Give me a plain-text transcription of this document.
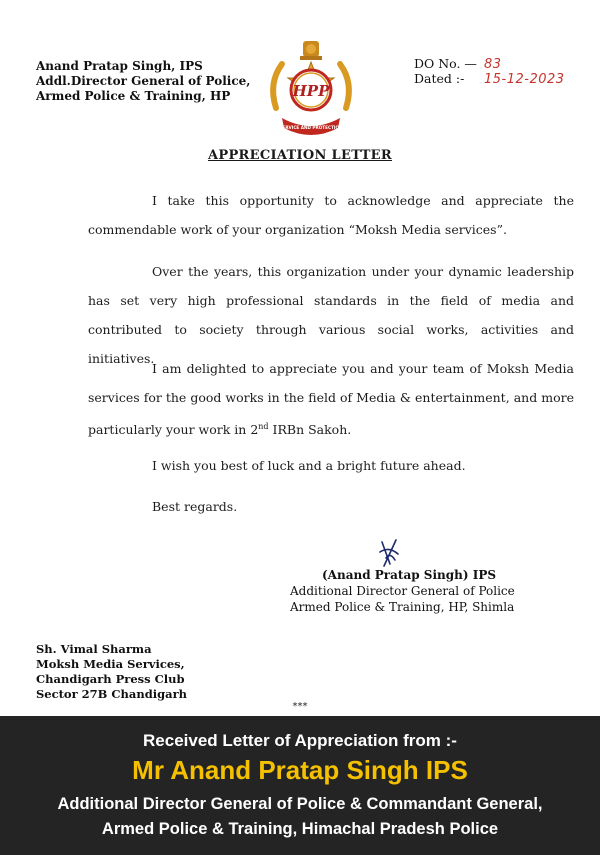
Anand Pratap Singh, IPS
Addl.Director General of Police,
Armed Police & Training, HP	HPP
SERVICE AND PROTECTION
DO No. — 83
Dated :- 15-12-2023
APPRECIATION LETTER
I take this opportunity to acknowledge and appreciate the commendable work of your organization “Moksh Media services”.
Over the years, this organization under your dynamic leadership has set very high professional standards in the field of media and contributed to society through various social works, activities and initiatives.
I am delighted to appreciate you and your team of Moksh Media services for the good works in the field of Media & entertainment, and more particularly your work in 2nd IRBn Sakoh.
I wish you best of luck and a bright future ahead.
Best regards.
(Anand Pratap Singh) IPS
Additional Director General of Police
Armed Police & Training, HP, Shimla
Sh. Vimal Sharma
Moksh Media Services,
Chandigarh Press Club
Sector 27B Chandigarh
***
Received Letter of Appreciation from :-
Mr Anand Pratap Singh IPS
Additional Director General of Police & Commandant General,
Armed Police & Training, Himachal Pradesh Police
